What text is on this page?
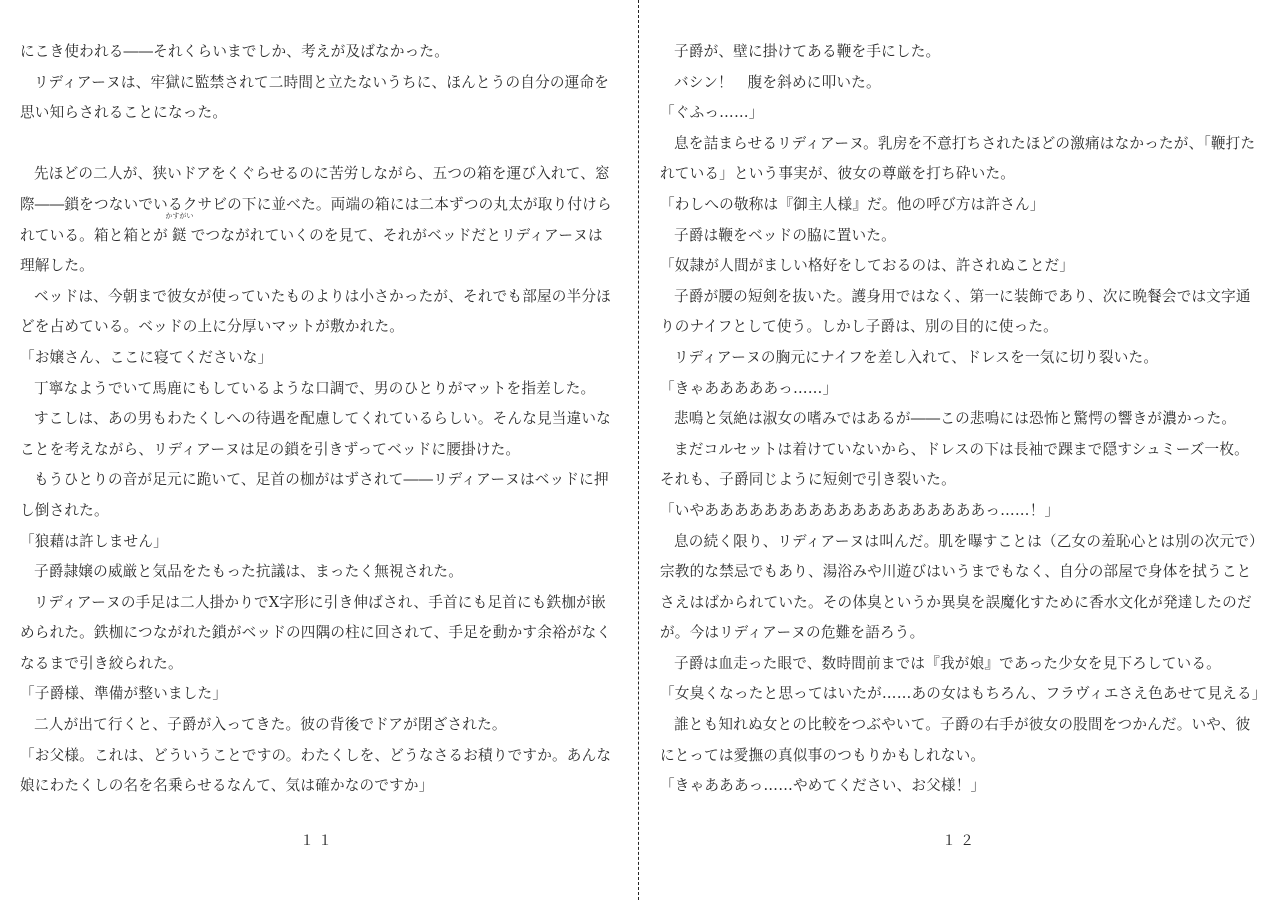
にこき使われる――それくらいまでしか、考えが及ばなかった。
リディアーヌは、牢獄に監禁されて二時間と立たないうちに、ほんとうの自分の運命を
思い知らされることになった。
先ほどの二人が、狭いドアをくぐらせるのに苦労しながら、五つの箱を運び入れて、窓
際――鎖をつないでいるクサビの下に並べた。両端の箱には二本ずつの丸太が取り付けら
れている。箱と箱とが
かすがい
鎹 でつながれていくのを見て、それがベッドだとリディアーヌは
理解した。
ベッドは、今朝まで彼女が使っていたものよりは小さかったが、それでも部屋の半分ほ
どを占めている。ベッドの上に分厚いマットが敷かれた。
「お嬢さん、ここに寝てくださいな」
丁寧なようでいて馬鹿にもしているような口調で、男のひとりがマットを指差した。
すこしは、あの男もわたくしへの待遇を配慮してくれているらしい。そんな見当違いな
ことを考えながら、リディアーヌは足の鎖を引きずってベッドに腰掛けた。
もうひとりの音が足元に跪いて、足首の枷がはずされて――リディアーヌはベッドに押
し倒された。
「狼藉は許しません」
子爵隷嬢の威厳と気品をたもった抗議は、まったく無視された。
リディアーヌの手足は二人掛かりでX字形に引き伸ばされ、手首にも足首にも鉄枷が嵌
められた。鉄枷につながれた鎖がベッドの四隅の柱に回されて、手足を動かす余裕がなく
なるまで引き絞られた。
「子爵様、準備が整いました」
二人が出て行くと、子爵が入ってきた。彼の背後でドアが閉ざされた。
「お父様。これは、どういうことですの。わたくしを、どうなさるお積りですか。あんな
娘にわたくしの名を名乗らせるなんて、気は確かなのですか」
１１
子爵が、壁に掛けてある鞭を手にした。
バシン！　腹を斜めに叩いた。
「ぐふっ……」
息を詰まらせるリディアーヌ。乳房を不意打ちされたほどの激痛はなかったが、「鞭打た
れている」という事実が、彼女の尊厳を打ち砕いた。
「わしへの敬称は『御主人様』だ。他の呼び方は許さん」
子爵は鞭をベッドの脇に置いた。
「奴隷が人間がましい格好をしておるのは、許されぬことだ」
子爵が腰の短剣を抜いた。護身用ではなく、第一に装飾であり、次に晩餐会では文字通
りのナイフとして使う。しかし子爵は、別の目的に使った。
リディアーヌの胸元にナイフを差し入れて、ドレスを一気に切り裂いた。
「きゃあああああっ……」
悲鳴と気絶は淑女の嗜みではあるが――この悲鳴には恐怖と驚愕の響きが濃かった。
まだコルセットは着けていないから、ドレスの下は長袖で踝まで隠すシュミーズ一枚。
それも、子爵同じように短剣で引き裂いた。
「いやあああああああああああああああああああっ……！」
息の続く限り、リディアーヌは叫んだ。肌を曝すことは（乙女の羞恥心とは別の次元で）
宗教的な禁忌でもあり、湯浴みや川遊びはいうまでもなく、自分の部屋で身体を拭うこと
さえはばかられていた。その体臭というか異臭を誤魔化すために香水文化が発達したのだ
が。今はリディアーヌの危難を語ろう。
子爵は血走った眼で、数時間前までは『我が娘』であった少女を見下ろしている。
「女臭くなったと思ってはいたが……あの女はもちろん、フラヴィエさえ色あせて見える」
誰とも知れぬ女との比較をつぶやいて。子爵の右手が彼女の股間をつかんだ。いや、彼
にとっては愛撫の真似事のつもりかもしれない。
「きゃあああっ……やめてください、お父様！」
１２
